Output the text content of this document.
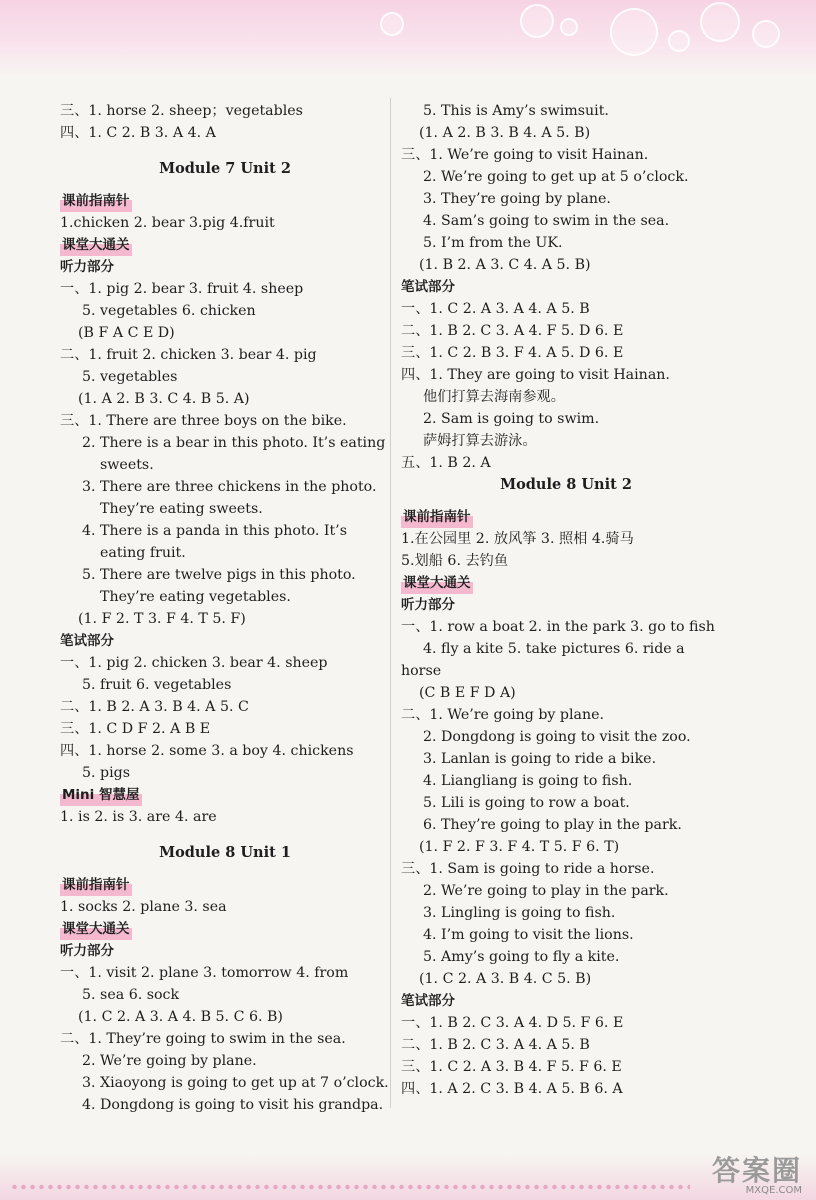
三、1. horse 2. sheep；vegetables
四、1. C 2. B 3. A 4. A
Module 7 Unit 2
课前指南针
1.chicken 2. bear 3.pig 4.fruit
课堂大通关
听力部分
一、1. pig 2. bear 3. fruit 4. sheep
5. vegetables 6. chicken
(B F A C E D)
二、1. fruit 2. chicken 3. bear 4. pig
5. vegetables
(1. A 2. B 3. C 4. B 5. A)
三、1. There are three boys on the bike.
2. There is a bear in this photo. It’s eating
sweets.
3. There are three chickens in the photo.
They’re eating sweets.
4. There is a panda in this photo. It’s
eating fruit.
5. There are twelve pigs in this photo.
They’re eating vegetables.
(1. F 2. T 3. F 4. T 5. F)
笔试部分
一、1. pig 2. chicken 3. bear 4. sheep
5. fruit 6. vegetables
二、1. B 2. A 3. B 4. A 5. C
三、1. C D F 2. A B E
四、1. horse 2. some 3. a boy 4. chickens
5. pigs
Mini 智慧屋
1. is 2. is 3. are 4. are
Module 8 Unit 1
课前指南针
1. socks 2. plane 3. sea
课堂大通关
听力部分
一、1. visit 2. plane 3. tomorrow 4. from
5. sea 6. sock
(1. C 2. A 3. A 4. B 5. C 6. B)
二、1. They’re going to swim in the sea.
2. We’re going by plane.
3. Xiaoyong is going to get up at 7 o’clock.
4. Dongdong is going to visit his grandpa.
5. This is Amy’s swimsuit.
(1. A 2. B 3. B 4. A 5. B)
三、1. We’re going to visit Hainan.
2. We’re going to get up at 5 o’clock.
3. They’re going by plane.
4. Sam’s going to swim in the sea.
5. I’m from the UK.
(1. B 2. A 3. C 4. A 5. B)
笔试部分
一、1. C 2. A 3. A 4. A 5. B
二、1. B 2. C 3. A 4. F 5. D 6. E
三、1. C 2. B 3. F 4. A 5. D 6. E
四、1. They are going to visit Hainan.
他们打算去海南参观。
2. Sam is going to swim.
萨姆打算去游泳。
五、1. B 2. A
Module 8 Unit 2
课前指南针
1.在公园里 2. 放风筝 3. 照相 4.骑马
5.划船 6. 去钓鱼
课堂大通关
听力部分
一、1. row a boat 2. in the park 3. go to fish
4. fly a kite 5. take pictures 6. ride a
horse
(C B E F D A)
二、1. We’re going by plane.
2. Dongdong is going to visit the zoo.
3. Lanlan is going to ride a bike.
4. Liangliang is going to fish.
5. Lili is going to row a boat.
6. They’re going to play in the park.
(1. F 2. F 3. F 4. T 5. F 6. T)
三、1. Sam is going to ride a horse.
2. We’re going to play in the park.
3. Lingling is going to fish.
4. I’m going to visit the lions.
5. Amy’s going to fly a kite.
(1. C 2. A 3. B 4. C 5. B)
笔试部分
一、1. B 2. C 3. A 4. D 5. F 6. E
二、1. B 2. C 3. A 4. A 5. B
三、1. C 2. A 3. B 4. F 5. F 6. E
四、1. A 2. C 3. B 4. A 5. B 6. A
答案圈
MXQE.COM
